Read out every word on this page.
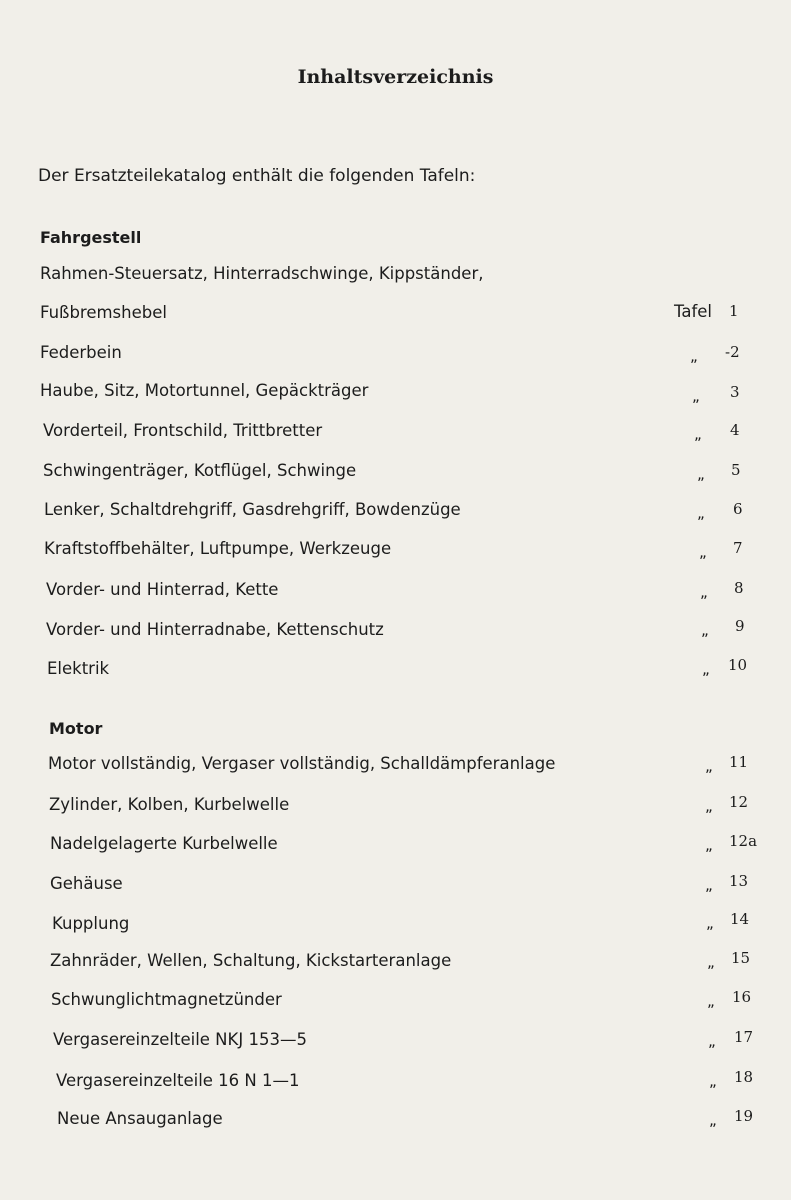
Inhaltsverzeichnis
Der Ersatzteilekatalog enthält die folgenden Tafeln:
Fahrgestell
Rahmen-Steuersatz, Hinterradschwinge, Kippständer,
Fußbremshebel	Tafel 1
Federbein	„ -2
Haube, Sitz, Motortunnel, Gepäckträger	„ 3
Vorderteil, Frontschild, Trittbretter	„ 4
Schwingenträger, Kotflügel, Schwinge	„ 5
Lenker, Schaltdrehgriff, Gasdrehgriff, Bowdenzüge	„ 6
Kraftstoffbehälter, Luftpumpe, Werkzeuge	„ 7
Vorder- und Hinterrad, Kette	„ 8
Vorder- und Hinterradnabe, Kettenschutz	„ 9
Elektrik	„ 10
Motor
Motor vollständig, Vergaser vollständig, Schalldämpferanlage	„ 11
Zylinder, Kolben, Kurbelwelle	„ 12
Nadelgelagerte Kurbelwelle	„ 12a
Gehäuse	„ 13
Kupplung	„ 14
Zahnräder, Wellen, Schaltung, Kickstarteranlage	„ 15
Schwunglichtmagnetzünder	„ 16
Vergasereinzelteile NKJ 153—5	„ 17
Vergasereinzelteile 16 N 1—1	„ 18
Neue Ansauganlage	„ 19
